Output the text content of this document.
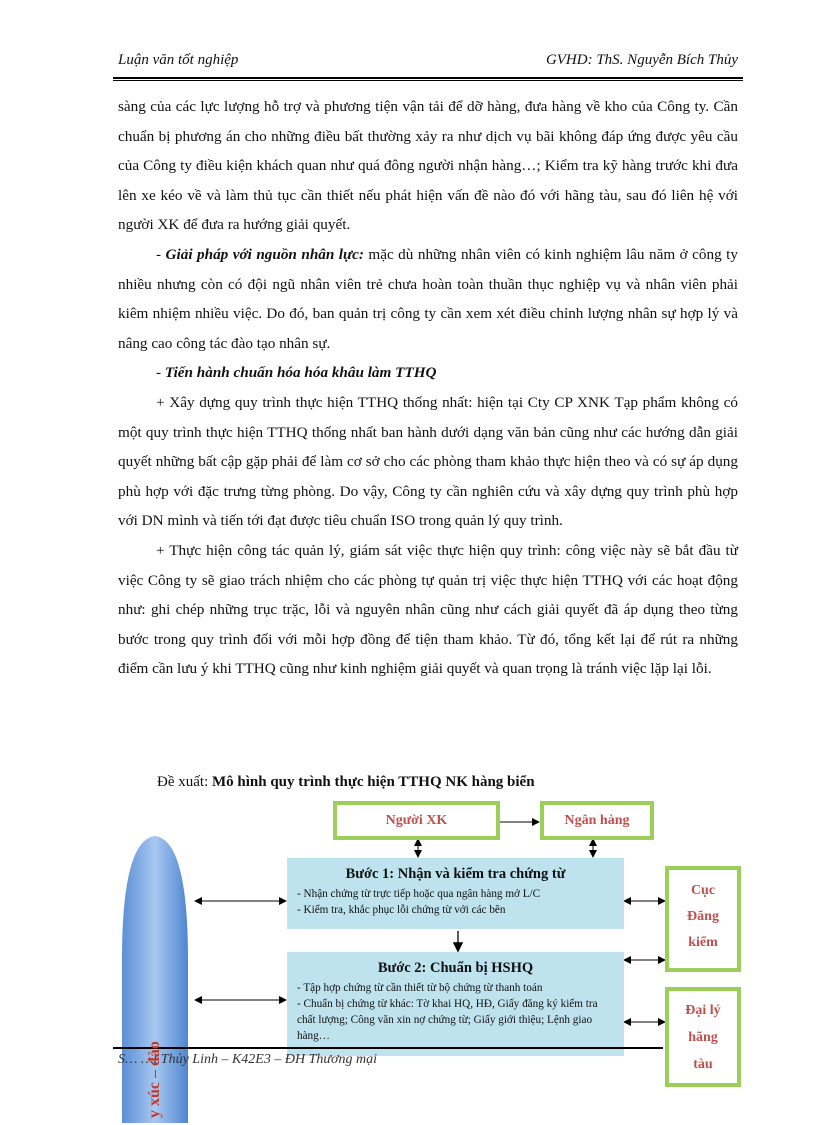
Luận văn tốt nghiệp	GVHD: ThS. Nguyễn Bích Thủy

sàng của các lực lượng hỗ trợ và phương tiện vận tải để dỡ hàng, đưa hàng về kho của Công ty. Cần chuẩn bị phương án cho những điều bất thường xảy ra như dịch vụ bãi không đáp ứng được yêu cầu của Công ty điều kiện khách quan như quá đông người nhận hàng…; Kiểm tra kỹ hàng trước khi đưa lên xe kéo về và làm thủ tục cần thiết nếu phát hiện vấn đề nào đó với hãng tàu, sau đó liên hệ với người XK để đưa ra hướng giải quyết.

- Giải pháp với nguồn nhân lực: mặc dù những nhân viên có kinh nghiệm lâu năm ở công ty nhiều nhưng còn có đội ngũ nhân viên trẻ chưa hoàn toàn thuần thục nghiệp vụ và nhân viên phải kiêm nhiệm nhiều việc. Do đó, ban quản trị công ty cần xem xét điều chỉnh lượng nhân sự hợp lý và nâng cao công tác đào tạo nhân sự.

- Tiến hành chuẩn hóa hóa khâu làm TTHQ

+ Xây dựng quy trình thực hiện TTHQ thống nhất: hiện tại Cty CP XNK Tạp phẩm không có một quy trình thực hiện TTHQ thống nhất ban hành dưới dạng văn bản cũng như các hướng dẫn giải quyết những bất cập gặp phải để làm cơ sở cho các phòng tham khảo thực hiện theo và có sự áp dụng phù hợp với đặc trưng từng phòng. Do vậy, Công ty cần nghiên cứu và xây dựng quy trình phù hợp với DN mình và tiến tới đạt được tiêu chuẩn ISO trong quản lý quy trình.

+ Thực hiện công tác quản lý, giám sát việc thực hiện quy trình: công việc này sẽ bắt đầu từ việc Công ty sẽ giao trách nhiệm cho các phòng tự quản trị việc thực hiện TTHQ với các hoạt động như: ghi chép những trục trặc, lỗi và nguyên nhân cũng như cách giải quyết đã áp dụng theo từng bước trong quy trình đối với mỗi hợp đồng để tiện tham khảo. Từ đó, tổng kết lại để rút ra những điểm cần lưu ý khi TTHQ cũng như kinh nghiệm giải quyết và quan trọng là tránh việc lặp lại lỗi.

Đề xuất: Mô hình quy trình thực hiện TTHQ NK hàng biển
Người XK	Ngân hàng
Cục
Đăng
kiểm
Đại lý
hãng
tàu
Bước 1: Nhận và kiểm tra chứng từ
- Nhận chứng từ trực tiếp hoặc qua ngân hàng mở L/C
- Kiểm tra, khắc phục lỗi chứng từ với các bên
Bước 2: Chuẩn bị HSHQ
- Tập hợp chứng từ cần thiết từ bộ chứng từ thanh toán
- Chuẩn bị chứng từ khác: Tờ khai HQ, HĐ, Giấy đăng ký kiểm tra chất lượng; Công văn xin nợ chứng từ; Giấy giới thiệu; Lệnh giao hàng…
S… …ị Thủy Linh – K42E3 – ĐH Thương mại
y xúc – đào
